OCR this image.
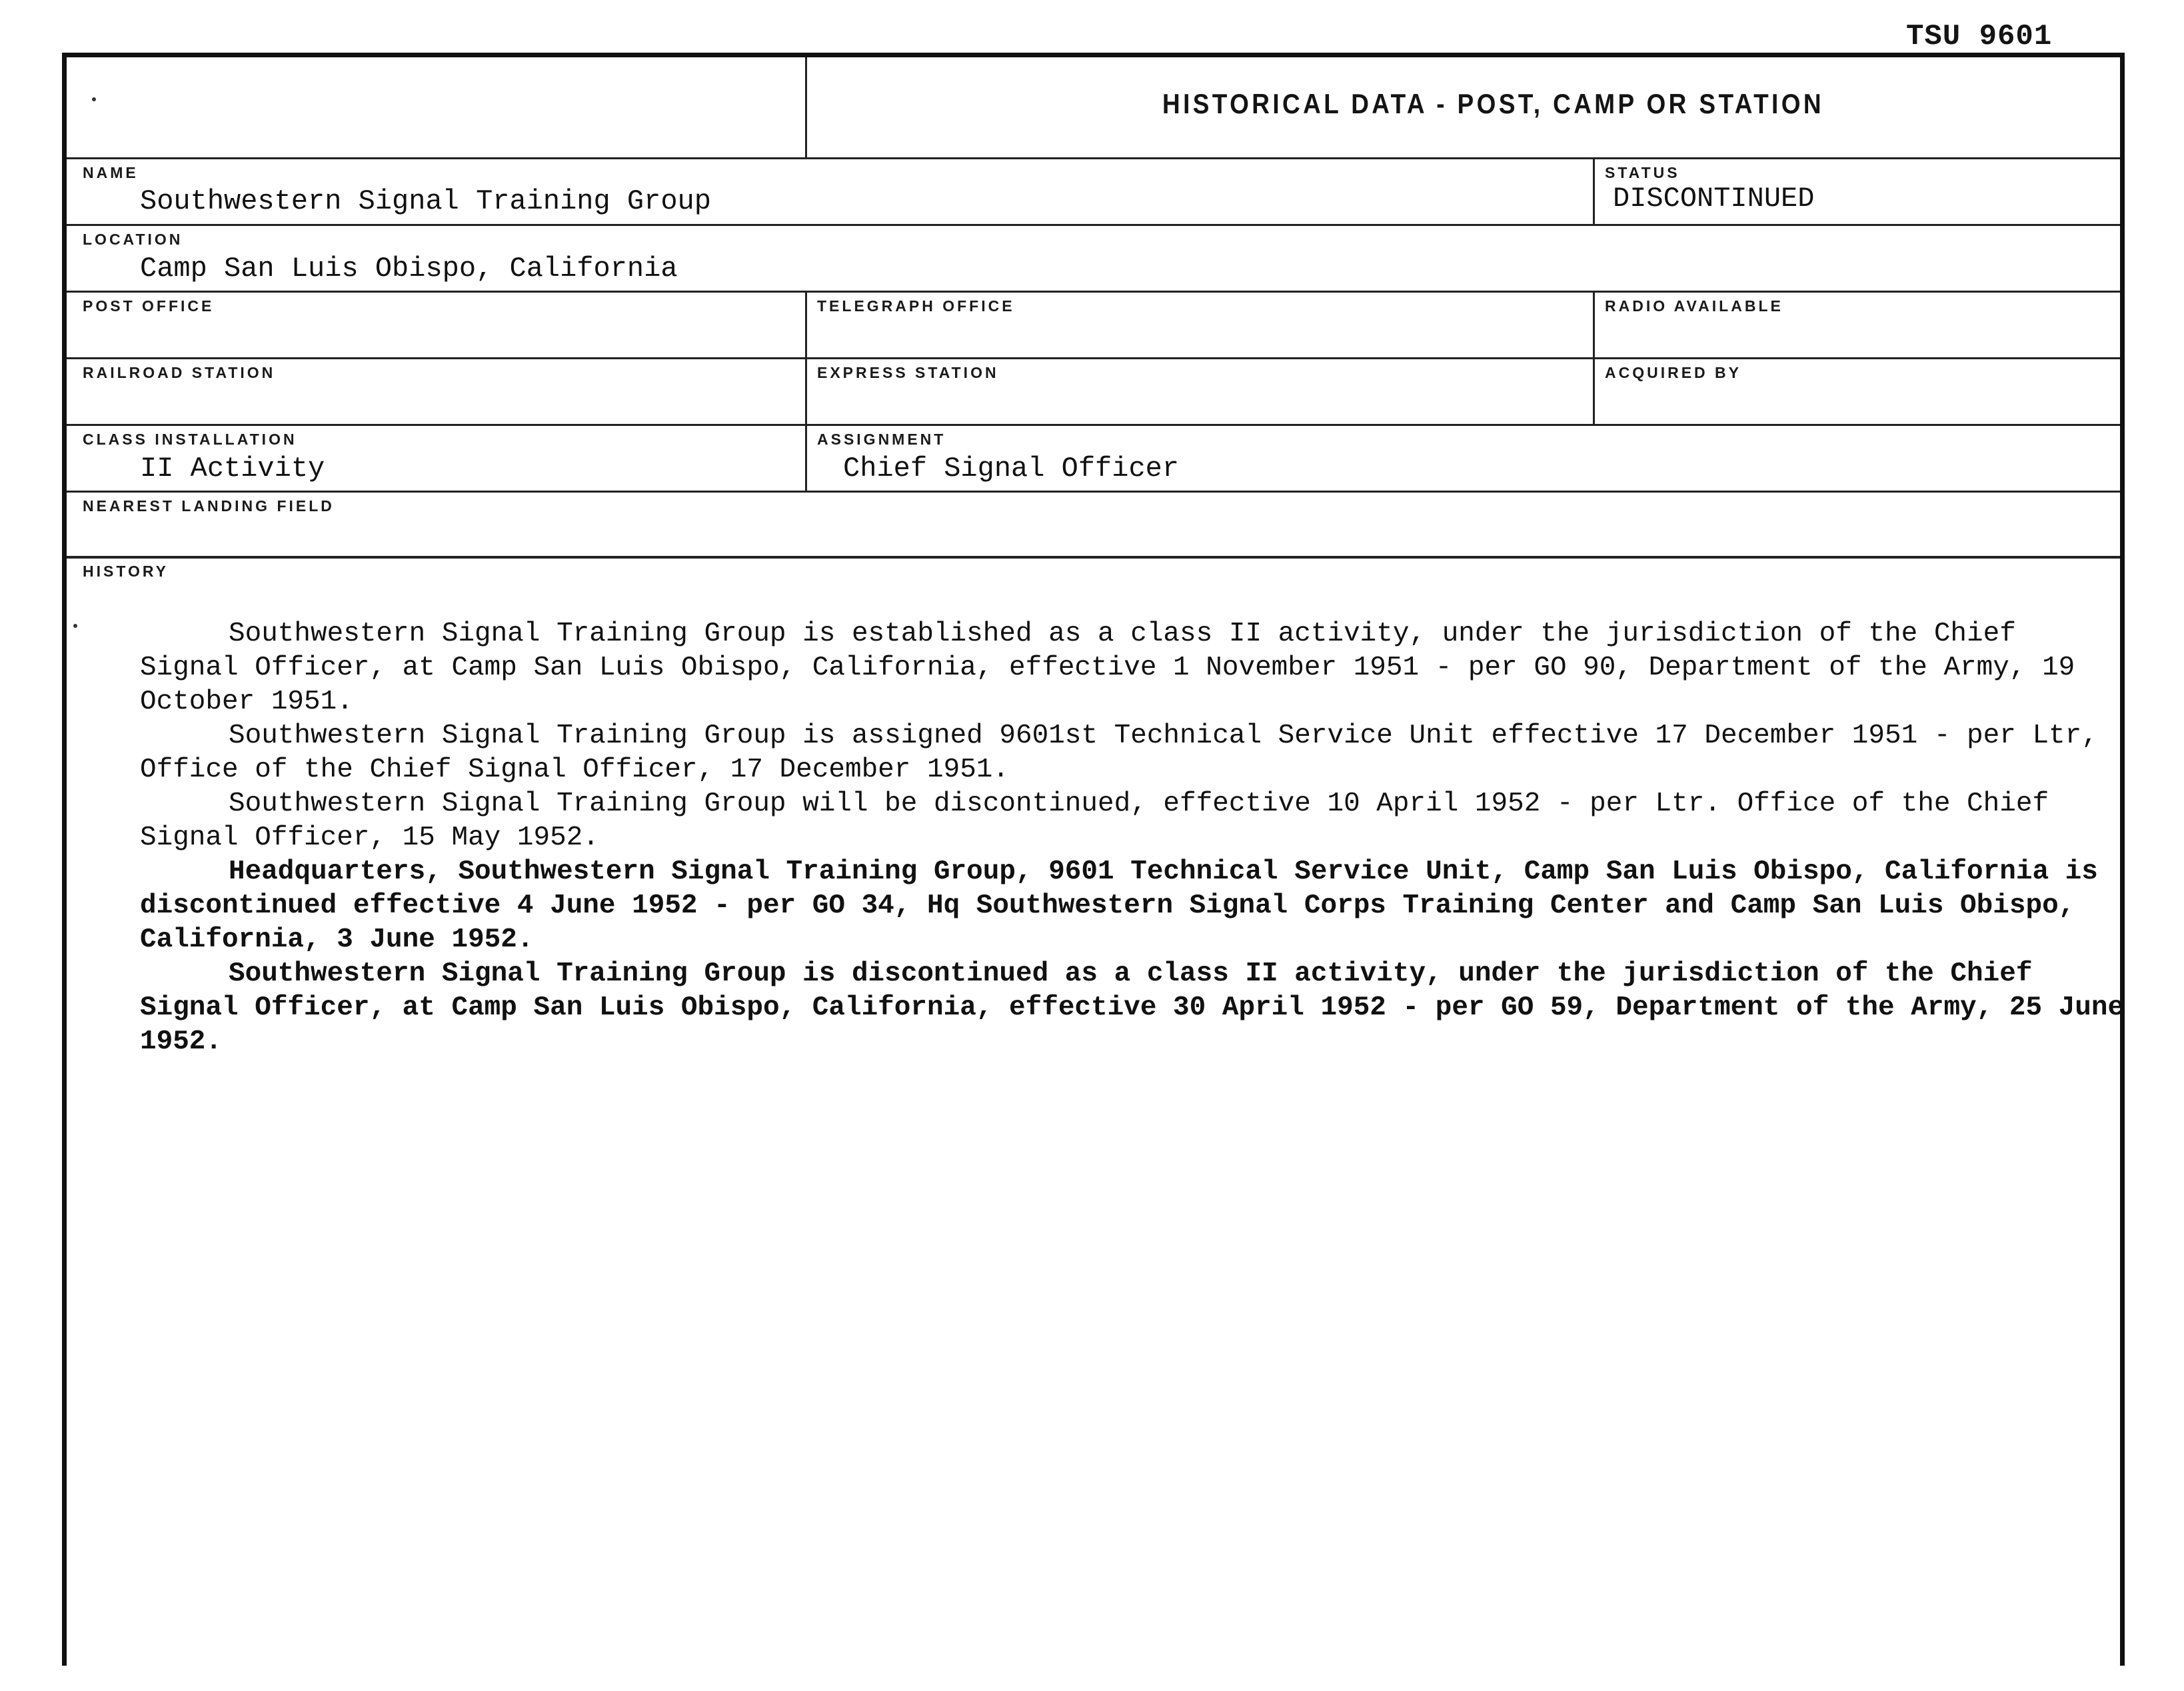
TSU 9601
HISTORICAL DATA - POST, CAMP OR STATION
NAME
Southwestern Signal Training Group
STATUS
DISCONTINUED
LOCATION
Camp San Luis Obispo, California
POST OFFICE	TELEGRAPH OFFICE	RADIO AVAILABLE
RAILROAD STATION	EXPRESS STATION	ACQUIRED BY
CLASS INSTALLATION
II Activity
ASSIGNMENT
Chief Signal Officer
NEAREST LANDING FIELD
HISTORY

Southwestern Signal Training Group is established as a class II activity, under the jurisdiction of the Chief Signal Officer, at Camp San Luis Obispo, California, effective 1 November 1951 - per GO 90, Department of the Army, 19 October 1951.

Southwestern Signal Training Group is assigned 9601st Technical Service Unit effective 17 December 1951 - per Ltr, Office of the Chief Signal Officer, 17 December 1951.

Southwestern Signal Training Group will be discontinued, effective 10 April 1952 - per Ltr. Office of the Chief Signal Officer, 15 May 1952.

Headquarters, Southwestern Signal Training Group, 9601 Technical Service Unit, Camp San Luis Obispo, California is discontinued effective 4 June 1952 - per GO 34, Hq Southwestern Signal Corps Training Center and Camp San Luis Obispo, California, 3 June 1952.

Southwestern Signal Training Group is discontinued as a class II activity, under the jurisdiction of the Chief Signal Officer, at Camp San Luis Obispo, California, effective 30 April 1952 - per GO 59, Department of the Army, 25 June 1952.
